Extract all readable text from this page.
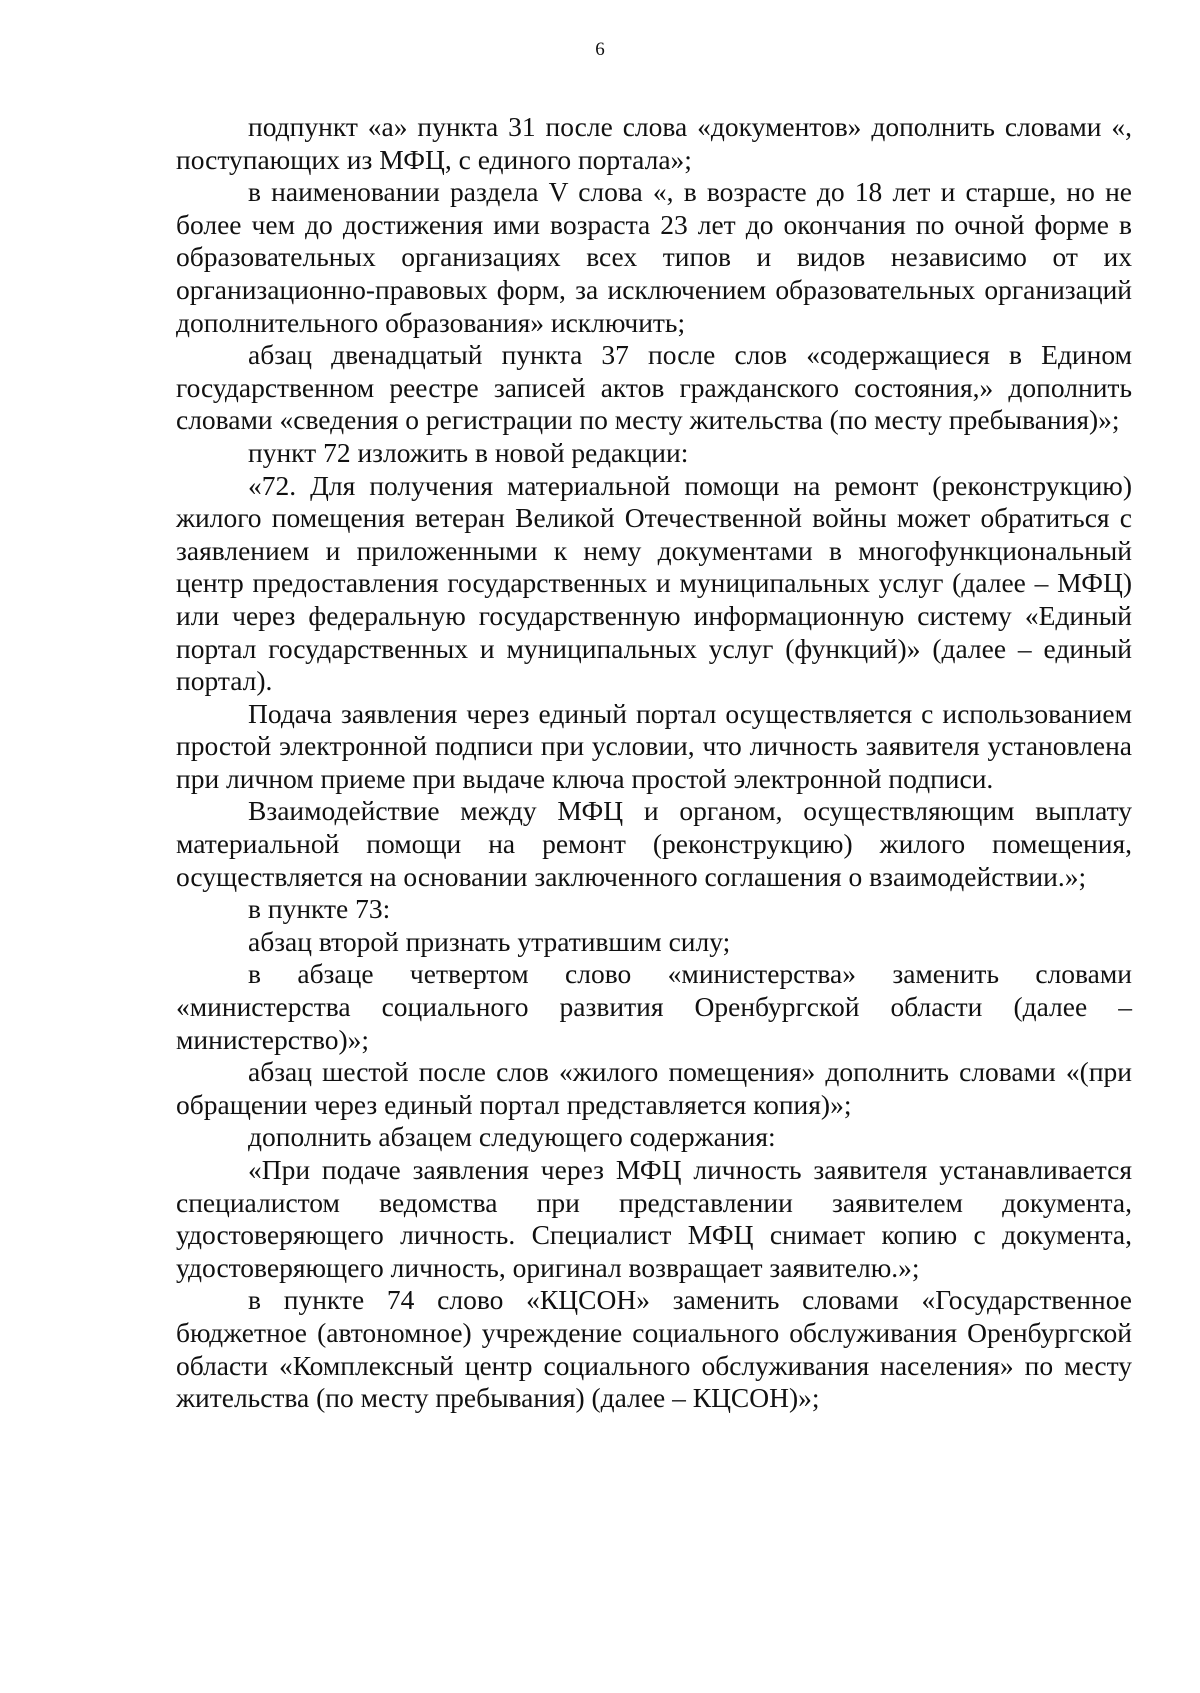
6

подпункт «а» пункта 31 после слова «документов» дополнить словами «, поступающих из МФЦ, с единого портала»;

в наименовании раздела V слова «, в возрасте до 18 лет и старше, но не более чем до достижения ими возраста 23 лет до окончания по очной форме в образовательных организациях всех типов и видов независимо от их организационно-правовых форм, за исключением образовательных организаций дополнительного образования» исключить;

абзац двенадцатый пункта 37 после слов «содержащиеся в Едином государственном реестре записей актов гражданского состояния,» дополнить словами «сведения о регистрации по месту жительства (по месту пребывания)»;

пункт 72 изложить в новой редакции:

«72. Для получения материальной помощи на ремонт (реконструкцию) жилого помещения ветеран Великой Отечественной войны может обратиться с заявлением и приложенными к нему документами в многофункциональный центр предоставления государственных и муниципальных услуг (далее – МФЦ) или через федеральную государственную информационную систему «Единый портал государственных и муниципальных услуг (функций)» (далее – единый портал).

Подача заявления через единый портал осуществляется с использованием простой электронной подписи при условии, что личность заявителя установлена при личном приеме при выдаче ключа простой электронной подписи.

Взаимодействие между МФЦ и органом, осуществляющим выплату материальной помощи на ремонт (реконструкцию) жилого помещения, осуществляется на основании заключенного соглашения о взаимодействии.»;

в пункте 73:

абзац второй признать утратившим силу;

в абзаце четвертом слово «министерства» заменить словами «министерства социального развития Оренбургской области (далее – министерство)»;

абзац шестой после слов «жилого помещения» дополнить словами «(при обращении через единый портал представляется копия)»;

дополнить абзацем следующего содержания:

«При подаче заявления через МФЦ личность заявителя устанавливается специалистом ведомства при представлении заявителем документа, удостоверяющего личность. Специалист МФЦ снимает копию с документа, удостоверяющего личность, оригинал возвращает заявителю.»;

в пункте 74 слово «КЦСОН» заменить словами «Государственное бюджетное (автономное) учреждение социального обслуживания Оренбургской области «Комплексный центр социального обслуживания населения» по месту жительства (по месту пребывания) (далее – КЦСОН)»;
